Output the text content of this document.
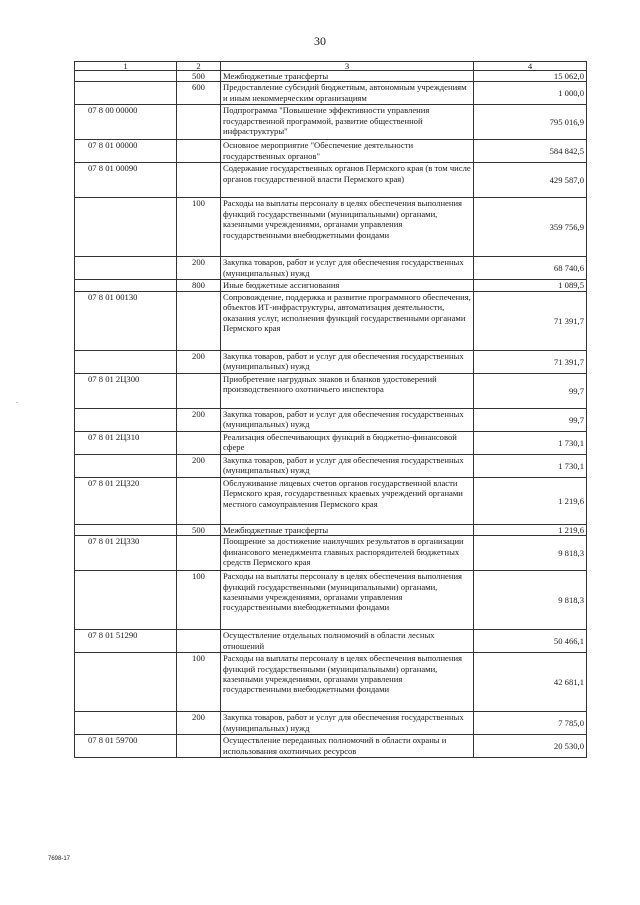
30
1	2	3	4
	500	Межбюджетные трансферты	15 062,0
	600	Предоставление субсидий бюджетным, автономным учреждениям и иным некоммерческим организациям	1 000,0
07 8 00 00000		Подпрограмма "Повышение эффективности управления государственной программой, развитие общественной инфраструктуры"	795 016,9
07 8 01 00000		Основное мероприятие "Обеспечение деятельности государственных органов"	584 842,5
07 8 01 00090		Содержание государственных органов Пермского края (в том числе органов государственной власти Пермского края)	429 587,0
	100	Расходы на выплаты персоналу в целях обеспечения выполнения функций государственными (муниципальными) органами, казенными учреждениями, органами управления государственными внебюджетными фондами	359 756,9
	200	Закупка товаров, работ и услуг для обеспечения государственных (муниципальных) нужд	68 740,6
	800	Иные бюджетные ассигнования	1 089,5
07 8 01 00130		Сопровождение, поддержка и развитие программного обеспечения, объектов ИТ-инфраструктуры, автоматизация деятельности, оказания услуг, исполнения функций государственными органами Пермского края	71 391,7
	200	Закупка товаров, работ и услуг для обеспечения государственных (муниципальных) нужд	71 391,7
07 8 01 2Ц300		Приобретение нагрудных знаков и бланков удостоверений производственного охотничьего инспектора	99,7
	200	Закупка товаров, работ и услуг для обеспечения государственных (муниципальных) нужд	99,7
07 8 01 2Ц310		Реализация обеспечивающих функций в бюджетно-финансовой сфере	1 730,1
	200	Закупка товаров, работ и услуг для обеспечения государственных (муниципальных) нужд	1 730,1
07 8 01 2Ц320		Обслуживание лицевых счетов органов государственной власти Пермского края, государственных краевых учреждений органами местного самоуправления Пермского края	1 219,6
	500	Межбюджетные трансферты	1 219,6
07 8 01 2Ц330		Поощрение за достижение наилучших результатов в организации финансового менеджмента главных распорядителей бюджетных средств Пермского края	9 818,3
	100	Расходы на выплаты персоналу в целях обеспечения выполнения функций государственными (муниципальными) органами, казенными учреждениями, органами управления государственными внебюджетными фондами	9 818,3
07 8 01 51290		Осуществление отдельных полномочий в области лесных отношений	50 466,1
	100	Расходы на выплаты персоналу в целях обеспечения выполнения функций государственными (муниципальными) органами, казенными учреждениями, органами управления государственными внебюджетными фондами	42 681,1
	200	Закупка товаров, работ и услуг для обеспечения государственных (муниципальных) нужд	7 785,0
07 8 01 59700		Осуществление переданных полномочий в области охраны и использования охотничьих ресурсов	20 530,0
.
7698-17
